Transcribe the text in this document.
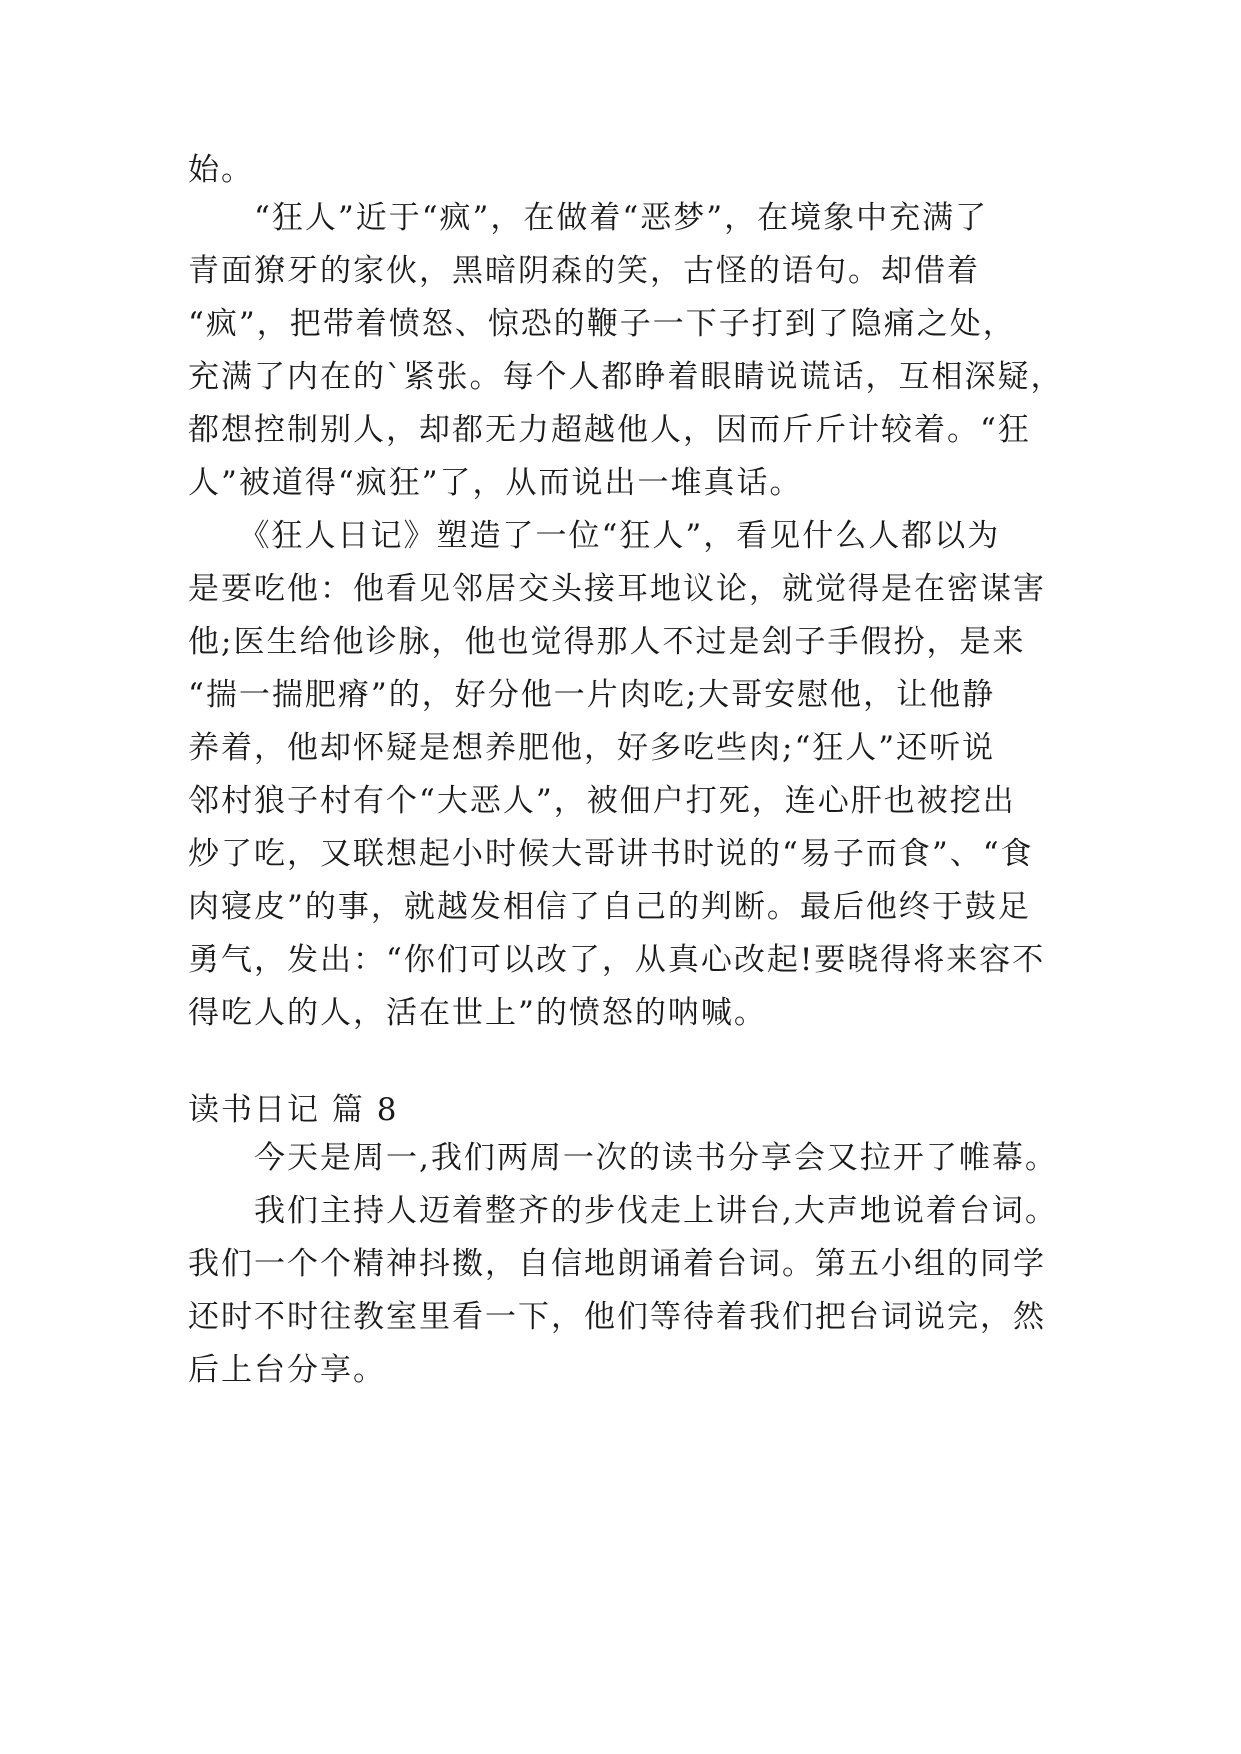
始。
　　“狂人”近于“疯”，在做着“恶梦”，在境象中充满了
青面獠牙的家伙，黑暗阴森的笑，古怪的语句。却借着
“疯”，把带着愤怒、惊恐的鞭子一下子打到了隐痛之处，
充满了内在的`紧张。每个人都睁着眼睛说谎话，互相深疑，
都想控制别人，却都无力超越他人，因而斤斤计较着。“狂
人”被道得“疯狂”了，从而说出一堆真话。
　　《狂人日记》塑造了一位“狂人”，看见什么人都以为
是要吃他：他看见邻居交头接耳地议论，就觉得是在密谋害
他;医生给他诊脉，他也觉得那人不过是刽子手假扮，是来
“揣一揣肥瘠”的，好分他一片肉吃;大哥安慰他，让他静
养着，他却怀疑是想养肥他，好多吃些肉;“狂人”还听说
邻村狼子村有个“大恶人”，被佃户打死，连心肝也被挖出
炒了吃，又联想起小时候大哥讲书时说的“易子而食”、“食
肉寝皮”的事，就越发相信了自己的判断。最后他终于鼓足
勇气，发出：“你们可以改了，从真心改起!要晓得将来容不
得吃人的人，活在世上”的愤怒的呐喊。
读书日记 篇 8
　　今天是周一,我们两周一次的读书分享会又拉开了帷幕。
　　我们主持人迈着整齐的步伐走上讲台,大声地说着台词。
我们一个个精神抖擞，自信地朗诵着台词。第五小组的同学
还时不时往教室里看一下，他们等待着我们把台词说完，然
后上台分享。
